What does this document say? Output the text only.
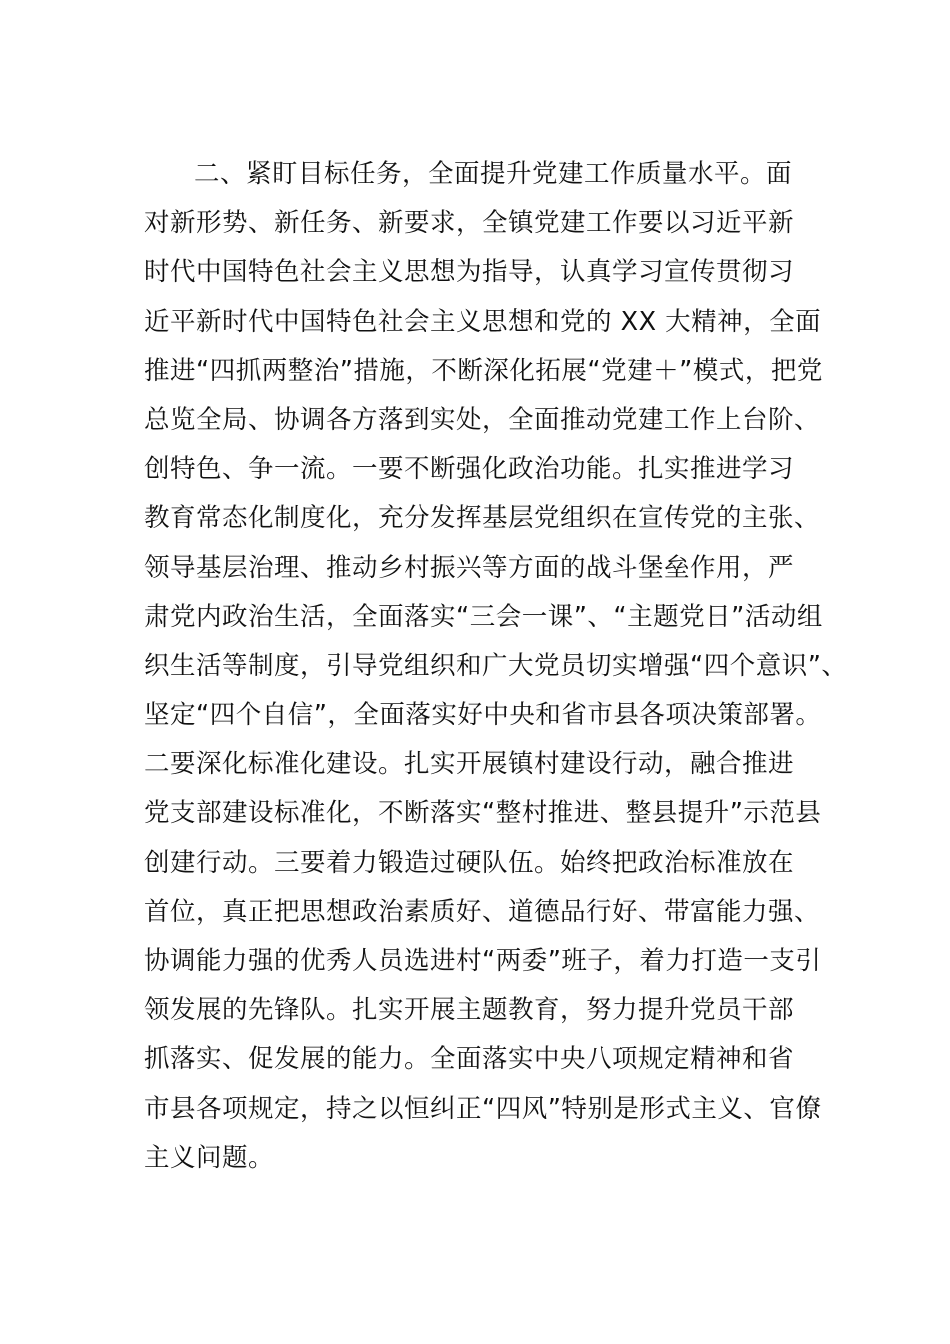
二、紧盯目标任务，全面提升党建工作质量水平。面
对新形势、新任务、新要求，全镇党建工作要以习近平新
时代中国特色社会主义思想为指导，认真学习宣传贯彻习
近平新时代中国特色社会主义思想和党的 XX 大精神，全面
推进“四抓两整治”措施，不断深化拓展“党建＋”模式，把党
总览全局、协调各方落到实处，全面推动党建工作上台阶、
创特色、争一流。一要不断强化政治功能。扎实推进学习
教育常态化制度化，充分发挥基层党组织在宣传党的主张、
领导基层治理、推动乡村振兴等方面的战斗堡垒作用，严
肃党内政治生活，全面落实“三会一课”、“主题党日”活动组
织生活等制度，引导党组织和广大党员切实增强“四个意识”、
坚定“四个自信”，全面落实好中央和省市县各项决策部署。
二要深化标准化建设。扎实开展镇村建设行动，融合推进
党支部建设标准化，不断落实“整村推进、整县提升”示范县
创建行动。三要着力锻造过硬队伍。始终把政治标准放在
首位，真正把思想政治素质好、道德品行好、带富能力强、
协调能力强的优秀人员选进村“两委”班子，着力打造一支引
领发展的先锋队。扎实开展主题教育，努力提升党员干部
抓落实、促发展的能力。全面落实中央八项规定精神和省
市县各项规定，持之以恒纠正“四风”特别是形式主义、官僚
主义问题。
